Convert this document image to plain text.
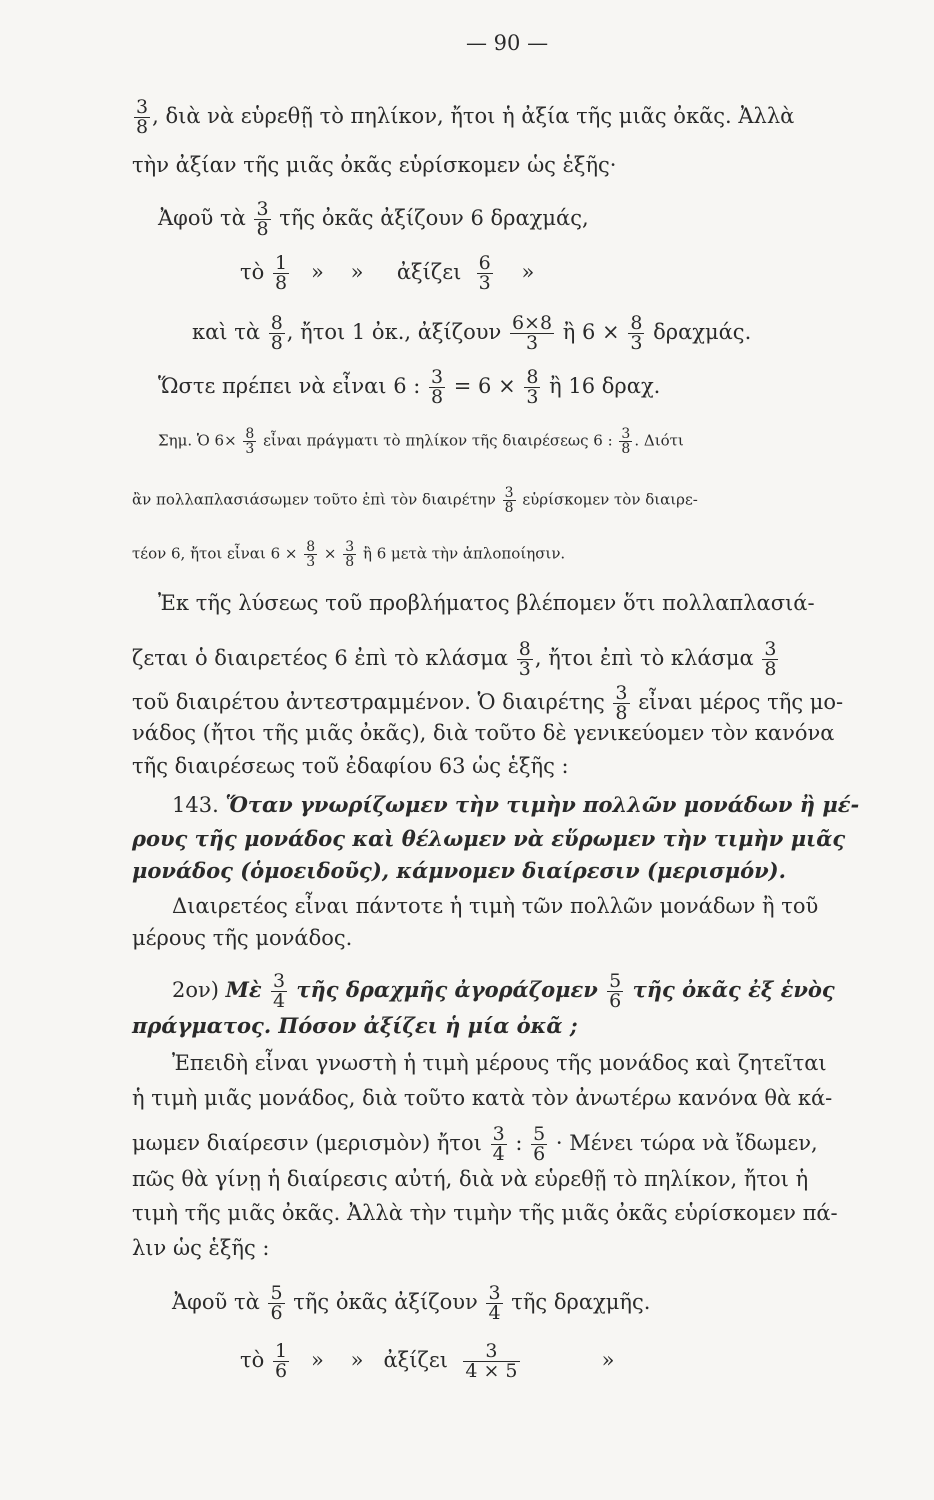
— 90 —
$\frac{3}{8}$ , διὰ νὰ εὑρεθῇ τὸ πηλίκον, ἤτοι ἡ ἀξία τῆς μιᾶς ὀκᾶς. Ἀλλὰ
τὴν ἀξίαν τῆς μιᾶς ὀκᾶς εὑρίσκομεν ὡς ἑξῆς·
Ἀφοῦ τὰ $\frac{3}{8}$ τῆς ὀκᾶς ἀξίζουν 6 δραχμάς,
τὸ $\frac{1}{8}$ »    »     ἀξίζει $\frac{6}{3}$ »
καὶ τὰ $\frac{8}{8}$ , ἤτοι 1 ὀκ., ἀξίζουν $\frac{6\times 8}{3}$ ἢ $6 \times \frac{8}{3} \delta\rho\alpha\chi\mu ά\varsigma$.
Ὥστε πρέπει νὰ εἶναι 6 : $\frac{3}{8} = 6 \times \frac{8}{3}$ ἢ 16 δραχ.
Σημ. Ὁ $6\times \frac{8}{3}$ εἶναι πράγματι τὸ πηλίκον τῆς διαιρέσεως 6 : $\frac{3}{8}$ . Διότι
ἂν πολλαπλασιάσωμεν τοῦτο ἐπὶ τὸν διαιρέτην $\frac{3}{8}$ εὑρίσκομεν τὸν διαιρε-
τέον 6, ἤτοι εἶναι $6 \times \frac{8}{3} \times \frac{3}{8}$ ἢ 6 μετὰ τὴν ἁπλοποίησιν.
Ἐκ τῆς λύσεως τοῦ προβλήματος βλέπομεν ὅτι πολλαπλασιά-
ζεται ὁ διαιρετέος 6 ἐπὶ τὸ κλάσμα $\frac{8}{3}$ , ἤτοι ἐπὶ τὸ κλάσμα $\frac{3}{8}$
τοῦ διαιρέτου ἀντεστραμμένον. Ὁ διαιρέτης $\frac{3}{8}$ εἶναι μέρος τῆς μο-
νάδος (ἤτοι τῆς μιᾶς ὀκᾶς), διὰ τοῦτο δὲ γενικεύομεν τὸν κανόνα
τῆς διαιρέσεως τοῦ ἐδαφίου 63 ὡς ἑξῆς :
143. Ὅταν γνωρίζωμεν τὴν τιμὴν πολλῶν μονάδων ἢ μέ-
ρους τῆς μονάδος καὶ θέλωμεν νὰ εὕρωμεν τὴν τιμὴν μιᾶς
μονάδος (ὁμοειδοῦς), κάμνομεν διαίρεσιν (μερισμόν).
Διαιρετέος εἶναι πάντοτε ἡ τιμὴ τῶν πολλῶν μονάδων ἢ τοῦ
μέρους τῆς μονάδος.
2ον) Μὲ $\frac{3}{4}$ τῆς δραχμῆς ἀγοράζομεν $\frac{5}{6}$ τῆς ὀκᾶς ἐξ ἑνὸς
πράγματος. Πόσον ἀξίζει ἡ μία ὀκᾶ ;
Ἐπειδὴ εἶναι γνωστὴ ἡ τιμὴ μέρους τῆς μονάδος καὶ ζητεῖται
ἡ τιμὴ μιᾶς μονάδος, διὰ τοῦτο κατὰ τὸν ἀνωτέρω κανόνα θὰ κά-
μωμεν διαίρεσιν (μερισμὸν) ἤτοι $\frac{3}{4}$ : $\frac{5}{6} \cdot Mέ\nu\varepsilon\iota$ τώρα νὰ ἴδωμεν,
πῶς θὰ γίνῃ ἡ διαίρεσις αὐτή, διὰ νὰ εὑρεθῇ τὸ πηλίκον, ἤτοι ἡ
τιμὴ τῆς μιᾶς ὀκᾶς. Ἀλλὰ τὴν τιμὴν τῆς μιᾶς ὀκᾶς εὑρίσκομεν πά-
λιν ὡς ἑξῆς :
Ἀφοῦ τὰ $\frac{5}{6}$ τῆς ὀκᾶς ἀξίζουν $\frac{3}{4}$ τῆς δραχμῆς.
τὸ $\frac{1}{6}$ »    »   ἀξίζει $\frac{3}{4 \times 5}$ »
